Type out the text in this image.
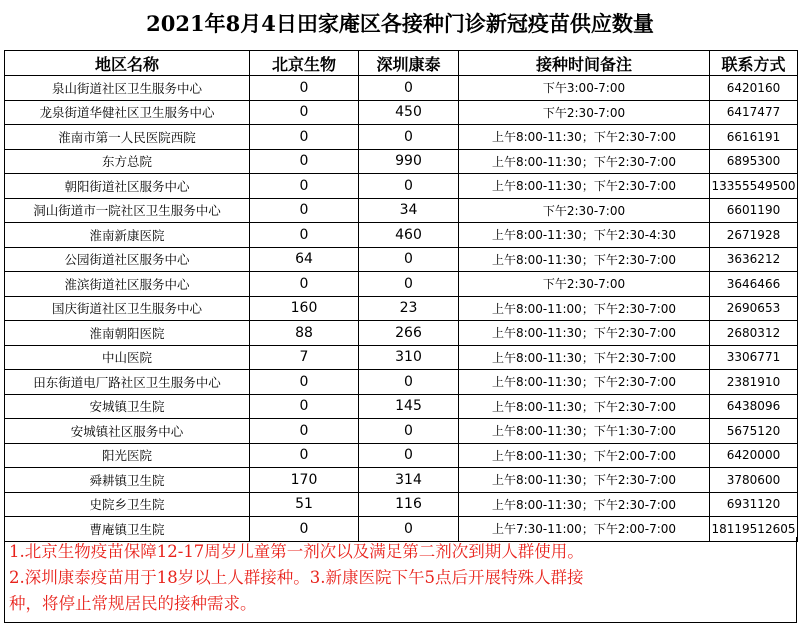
2021年8月4日田家庵区各接种门诊新冠疫苗供应数量
地区名称	北京生物	深圳康泰	接种时间备注	联系方式
泉山街道社区卫生服务中心	0	0	下午3:00-7:00	6420160
龙泉街道华健社区卫生服务中心	0	450	下午2:30-7:00	6417477
淮南市第一人民医院西院	0	0	上午8:00-11:30；下午2:30-7:00	6616191
东方总院	0	990	上午8:00-11:30；下午2:30-7:00	6895300
朝阳街道社区服务中心	0	0	上午8:00-11:30；下午2:30-7:00	13355549500
洞山街道市一院社区卫生服务中心	0	34	下午2:30-7:00	6601190
淮南新康医院	0	460	上午8:00-11:30；下午2:30-4:30	2671928
公园街道社区服务中心	64	0	上午8:00-11:30；下午2:30-7:00	3636212
淮滨街道社区服务中心	0	0	下午2:30-7:00	3646466
国庆街道社区卫生服务中心	160	23	上午8:00-11:00；下午2:30-7:00	2690653
淮南朝阳医院	88	266	上午8:00-11:30；下午2:30-7:00	2680312
中山医院	7	310	上午8:00-11:30；下午2:30-7:00	3306771
田东街道电厂路社区卫生服务中心	0	0	上午8:00-11:30；下午2:30-7:00	2381910
安城镇卫生院	0	145	上午8:00-11:30；下午2:30-7:00	6438096
安城镇社区服务中心	0	0	上午8:00-11:30；下午1:30-7:00	5675120
阳光医院	0	0	上午8:00-11:30；下午2:00-7:00	6420000
舜耕镇卫生院	170	314	上午8:00-11:30；下午2:30-7:00	3780600
史院乡卫生院	51	116	上午8:00-11:30；下午2:30-7:00	6931120
曹庵镇卫生院	0	0	上午7:30-11:00；下午2:00-7:00	18119512605
1.北京生物疫苗保障12-17周岁儿童第一剂次以及满足第二剂次到期人群使用。
2.深圳康泰疫苗用于18岁以上人群接种。3.新康医院下午5点后开展特殊人群接
种，将停止常规居民的接种需求。
